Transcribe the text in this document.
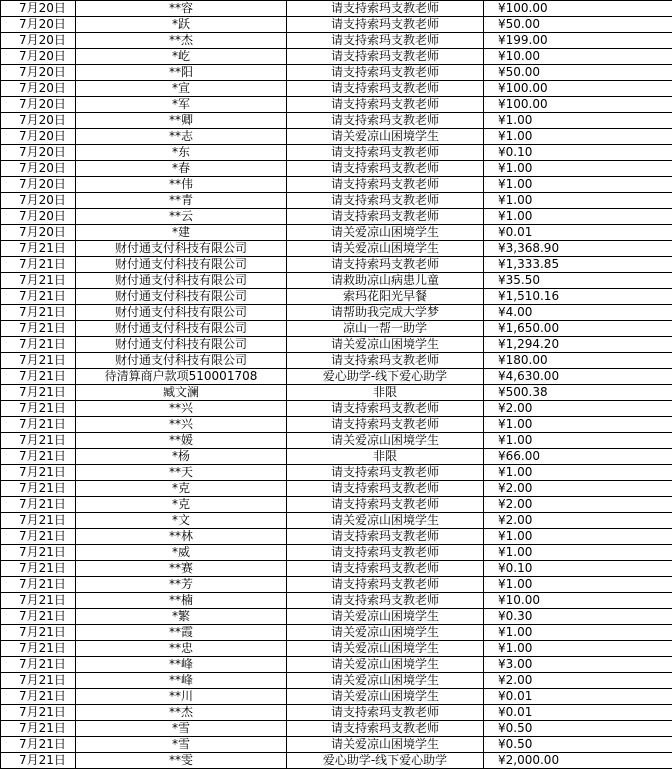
7月20日	**容	请支持索玛支教老师	¥100.00
7月20日	*跃	请支持索玛支教老师	¥50.00
7月20日	**杰	请支持索玛支教老师	¥199.00
7月20日	*屹	请支持索玛支教老师	¥10.00
7月20日	**阳	请支持索玛支教老师	¥50.00
7月20日	*宣	请支持索玛支教老师	¥100.00
7月20日	*军	请支持索玛支教老师	¥100.00
7月20日	**卿	请支持索玛支教老师	¥1.00
7月20日	**志	请关爱凉山困境学生	¥1.00
7月20日	*东	请支持索玛支教老师	¥0.10
7月20日	*春	请支持索玛支教老师	¥1.00
7月20日	**伟	请支持索玛支教老师	¥1.00
7月20日	**青	请支持索玛支教老师	¥1.00
7月20日	**云	请支持索玛支教老师	¥1.00
7月20日	*建	请关爱凉山困境学生	¥0.01
7月21日	财付通支付科技有限公司	请关爱凉山困境学生	¥3,368.90
7月21日	财付通支付科技有限公司	请支持索玛支教老师	¥1,333.85
7月21日	财付通支付科技有限公司	请救助凉山病患儿童	¥35.50
7月21日	财付通支付科技有限公司	索玛花阳光早餐	¥1,510.16
7月21日	财付通支付科技有限公司	请帮助我完成大学梦	¥4.00
7月21日	财付通支付科技有限公司	凉山一帮一助学	¥1,650.00
7月21日	财付通支付科技有限公司	请关爱凉山困境学生	¥1,294.20
7月21日	财付通支付科技有限公司	请支持索玛支教老师	¥180.00
7月21日	待清算商户款项510001708	爱心助学-线下爱心助学	¥4,630.00
7月21日	臧文澜	非限	¥500.38
7月21日	**兴	请支持索玛支教老师	¥2.00
7月21日	**兴	请支持索玛支教老师	¥1.00
7月21日	**媛	请关爱凉山困境学生	¥1.00
7月21日	*杨	非限	¥66.00
7月21日	**天	请支持索玛支教老师	¥1.00
7月21日	*克	请支持索玛支教老师	¥2.00
7月21日	*克	请支持索玛支教老师	¥2.00
7月21日	*文	请关爱凉山困境学生	¥2.00
7月21日	**林	请支持索玛支教老师	¥1.00
7月21日	*威	请支持索玛支教老师	¥1.00
7月21日	**赛	请支持索玛支教老师	¥0.10
7月21日	**芳	请支持索玛支教老师	¥1.00
7月21日	**楠	请支持索玛支教老师	¥10.00
7月21日	*繁	请关爱凉山困境学生	¥0.30
7月21日	**霞	请关爱凉山困境学生	¥1.00
7月21日	**忠	请关爱凉山困境学生	¥1.00
7月21日	**峰	请关爱凉山困境学生	¥3.00
7月21日	**峰	请关爱凉山困境学生	¥2.00
7月21日	**川	请关爱凉山困境学生	¥0.01
7月21日	**杰	请支持索玛支教老师	¥0.01
7月21日	*雪	请支持索玛支教老师	¥0.50
7月21日	*雪	请关爱凉山困境学生	¥0.50
7月21日	**雯	爱心助学-线下爱心助学	¥2,000.00
